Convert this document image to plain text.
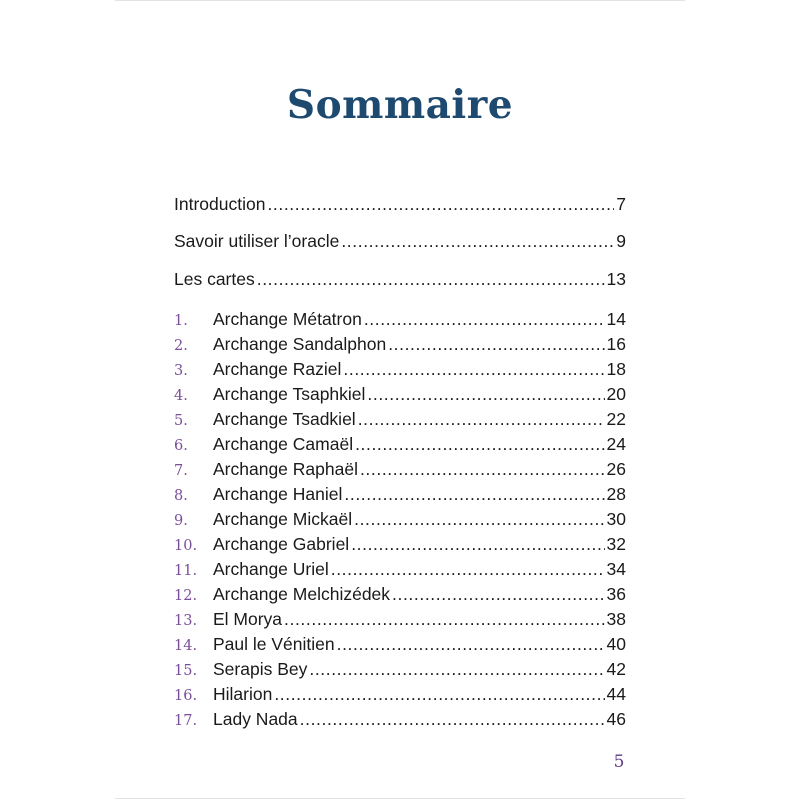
Sommaire
Introduction .....	7
Savoir utiliser l’oracle .....	9
Les cartes .....	13
1.	Archange Métatron .....	14
2.	Archange Sandalphon .....	16
3.	Archange Raziel .....	18
4.	Archange Tsaphkiel .....	20
5.	Archange Tsadkiel .....	22
6.	Archange Camaël .....	24
7.	Archange Raphaël .....	26
8.	Archange Haniel .....	28
9.	Archange Mickaël .....	30
10. Archange Gabriel .....	32
11. Archange Uriel .....	34
12. Archange Melchizédek .....	36
13. El Morya .....	38
14. Paul le Vénitien .....	40
15. Serapis Bey .....	42
16. Hilarion .....	44
17. Lady Nada .....	46
5
